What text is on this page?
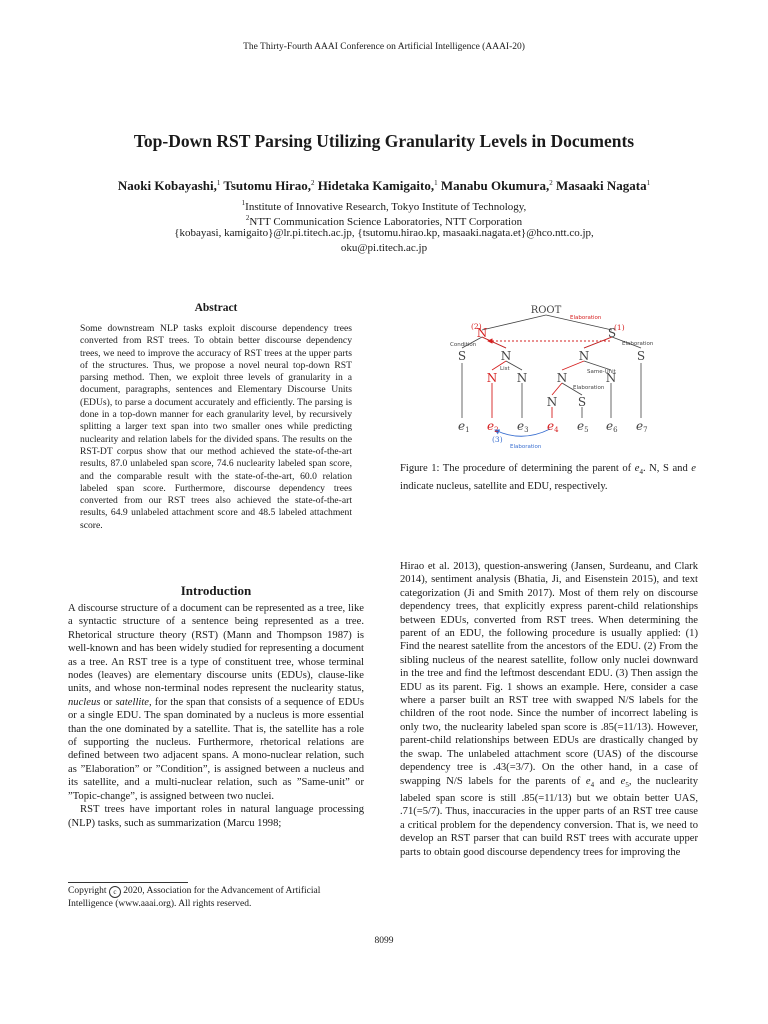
The Thirty-Fourth AAAI Conference on Artificial Intelligence (AAAI-20)
Top-Down RST Parsing Utilizing Granularity Levels in Documents
Naoki Kobayashi,$^1$ Tsutomu Hirao,$^2$ Hidetaka Kamigaito,$^1$ Manabu Okumura,$^2$ Masaaki Nagata$^1$
$^1$Institute of Innovative Research, Tokyo Institute of Technology,
$^2$NTT Communication Science Laboratories, NTT Corporation
{kobayasi, kamigaito}@lr.pi.titech.ac.jp, {tsutomu.hirao.kp, masaaki.nagata.et}@hco.ntt.co.jp,
oku@pi.titech.ac.jp
Abstract
Some downstream NLP tasks exploit discourse dependency trees converted from RST trees. To obtain better discourse dependency trees, we need to improve the accuracy of RST trees at the upper parts of the structures. Thus, we propose a novel neural top-down RST parsing method. Then, we exploit three levels of granularity in a document, paragraphs, sentences and Elementary Discourse Units (EDUs), to parse a document accurately and efficiently. The parsing is done in a top-down manner for each granularity level, by recursively splitting a larger text span into two smaller ones while predicting nuclearity and relation labels for the divided spans. The results on the RST-DT corpus show that our method achieved the state-of-the-art results, 87.0 unlabeled span score, 74.6 nuclearity labeled span score, and the comparable result with the state-of-the-art, 60.0 relation labeled span score. Furthermore, discourse dependency trees converted from our RST trees also achieved the state-of-the-art results, 64.9 unlabeled attachment score and 48.5 labeled attachment score.
Introduction

A discourse structure of a document can be represented as a tree, like a syntactic structure of a sentence being represented as a tree. Rhetorical structure theory (RST) (Mann and Thompson 1987) is well-known and has been widely studied for representing a document as a tree. An RST tree is a type of constituent tree, whose terminal nodes (leaves) are elementary discourse units (EDUs), clause-like units, and whose non-terminal nodes represent the nuclearity status, nucleus or satellite, for the span that consists of a sequence of EDUs or a single EDU. The span dominated by a nucleus is more essential than the one dominated by a satellite. That is, the satellite has a role of supporting the nucleus. Furthermore, rhetorical relations are defined between two adjacent spans. A mono-nuclear relation, such as ”Elaboration” or ”Condition”, is assigned between a nucleus and its satellite, and a multi-nuclear relation, such as ”Same-unit” or ”Topic-change”, is assigned between two nuclei.

RST trees have important roles in natural language processing (NLP) tasks, such as summarization (Marcu 1998;

Copyright c 2020, Association for the Advancement of Artificial Intelligence (www.aaai.org). All rights reserved.
ROOT
N	S
S	N
N N
N	S
N	N
N S
Elaboration
Condition	Elaboration
List	Same-Unit
Elaboration
Elaboration
(2)	(1)
(3)
e1 e2 e3 e4 e5 e6 e7
Figure 1: The procedure of determining the parent of $e_4$. N, S and e indicate nucleus, satellite and EDU, respectively.
Hirao et al. 2013), question-answering (Jansen, Surdeanu, and Clark 2014), sentiment analysis (Bhatia, Ji, and Eisenstein 2015), and text categorization (Ji and Smith 2017). Most of them rely on discourse dependency trees, that explicitly express parent-child relationships between EDUs, converted from RST trees. When determining the parent of an EDU, the following procedure is usually applied: (1) Find the nearest satellite from the ancestors of the EDU. (2) From the sibling nucleus of the nearest satellite, follow only nuclei downward in the tree and find the leftmost descendant EDU. (3) Then assign the EDU as its parent. Fig. 1 shows an example. Here, consider a case where a parser built an RST tree with swapped N/S labels for the children of the root node. Since the number of incorrect labeling is only two, the nuclearity labeled span score is .85(=11/13). However, parent-child relationships between EDUs are drastically changed by the swap. The unlabeled attachment score (UAS) of the discourse dependency tree is .43(=3/7). On the other hand, in a case of swapping N/S labels for the parents of $e_4$ and $e_5$, the nuclearity labeled span score is still .85(=11/13) but we obtain better UAS, .71(=5/7). Thus, inaccuracies in the upper parts of an RST tree cause a critical problem for the dependency conversion. That is, we need to develop an RST parser that can build RST trees with accurate upper parts to obtain good discourse dependency trees for improving the
8099
